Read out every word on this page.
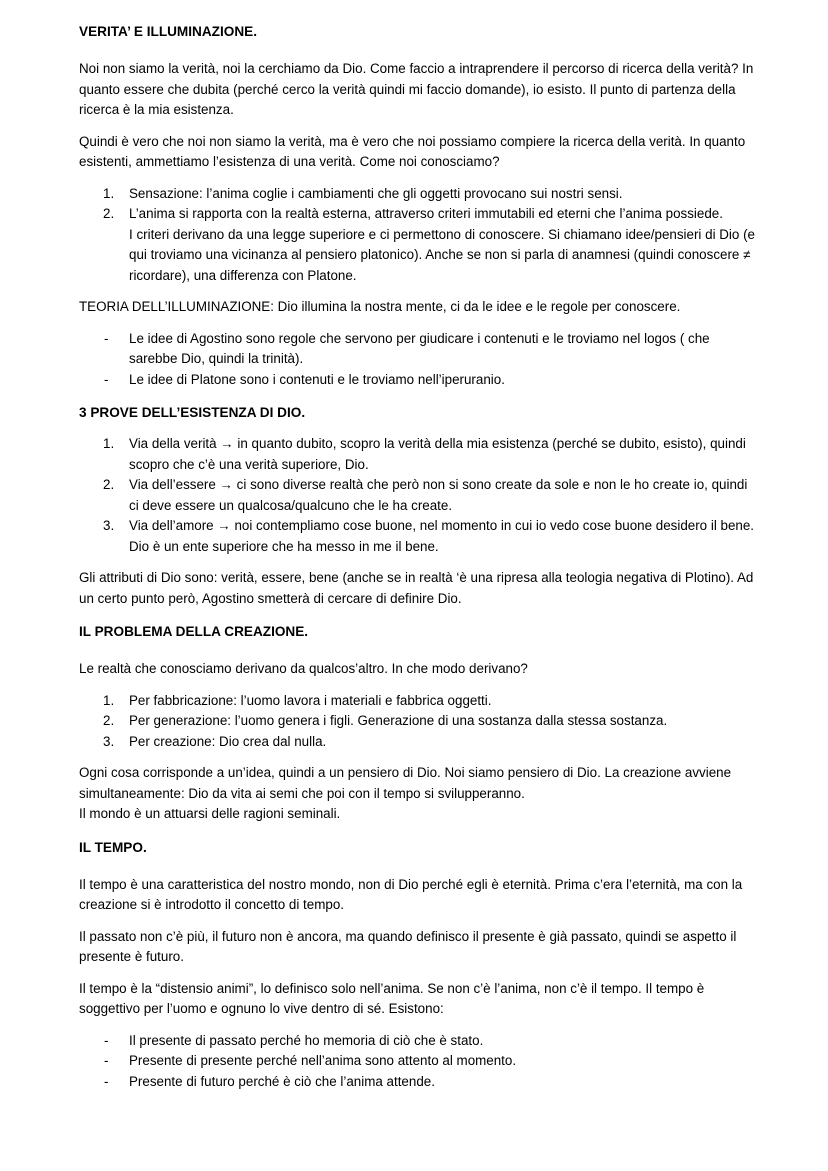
VERITA’ E ILLUMINAZIONE.

Noi non siamo la verità, noi la cerchiamo da Dio. Come faccio a intraprendere il percorso di ricerca della verità? In quanto essere che dubita (perché cerco la verità quindi mi faccio domande), io esisto. Il punto di partenza della ricerca è la mia esistenza.

Quindi è vero che noi non siamo la verità, ma è vero che noi possiamo compiere la ricerca della verità. In quanto esistenti, ammettiamo l’esistenza di una verità. Come noi conosciamo?

1. Sensazione: l’anima coglie i cambiamenti che gli oggetti provocano sui nostri sensi.
2. L’anima si rapporta con la realtà esterna, attraverso criteri immutabili ed eterni che l’anima possiede.
I criteri derivano da una legge superiore e ci permettono di conoscere. Si chiamano idee/pensieri di Dio (e qui troviamo una vicinanza al pensiero platonico). Anche se non si parla di anamnesi (quindi conoscere ≠ ricordare), una differenza con Platone.

TEORIA DELL’ILLUMINAZIONE: Dio illumina la nostra mente, ci da le idee e le regole per conoscere.

- Le idee di Agostino sono regole che servono per giudicare i contenuti e le troviamo nel logos ( che sarebbe Dio, quindi la trinità).
- Le idee di Platone sono i contenuti e le troviamo nell’iperuranio.
3 PROVE DELL’ESISTENZA DI DIO.
1. Via della verità → in quanto dubito, scopro la verità della mia esistenza (perché se dubito, esisto), quindi scopro che c’è una verità superiore, Dio.
2. Via dell’essere → ci sono diverse realtà che però non si sono create da sole e non le ho create io, quindi ci deve essere un qualcosa/qualcuno che le ha create.
3. Via dell’amore → noi contempliamo cose buone, nel momento in cui io vedo cose buone desidero il bene. Dio è un ente superiore che ha messo in me il bene.

Gli attributi di Dio sono: verità, essere, bene (anche se in realtà ‘è una ripresa alla teologia negativa di Plotino). Ad un certo punto però, Agostino smetterà di cercare di definire Dio.

IL PROBLEMA DELLA CREAZIONE.

Le realtà che conosciamo derivano da qualcos’altro. In che modo derivano?

1. Per fabbricazione: l’uomo lavora i materiali e fabbrica oggetti.
2. Per generazione: l’uomo genera i figli. Generazione di una sostanza dalla stessa sostanza.
3. Per creazione: Dio crea dal nulla.

Ogni cosa corrisponde a un’idea, quindi a un pensiero di Dio. Noi siamo pensiero di Dio. La creazione avviene simultaneamente: Dio da vita ai semi che poi con il tempo si svilupperanno.
Il mondo è un attuarsi delle ragioni seminali.

IL TEMPO.

Il tempo è una caratteristica del nostro mondo, non di Dio perché egli è eternità. Prima c’era l’eternità, ma con la creazione si è introdotto il concetto di tempo.

Il passato non c’è più, il futuro non è ancora, ma quando definisco il presente è già passato, quindi se aspetto il presente è futuro.

Il tempo è la “distensio animi”, lo definisco solo nell’anima. Se non c’è l’anima, non c’è il tempo. Il tempo è soggettivo per l’uomo e ognuno lo vive dentro di sé. Esistono:

- Il presente di passato perché ho memoria di ciò che è stato.
- Presente di presente perché nell’anima sono attento al momento.
- Presente di futuro perché è ciò che l’anima attende.
